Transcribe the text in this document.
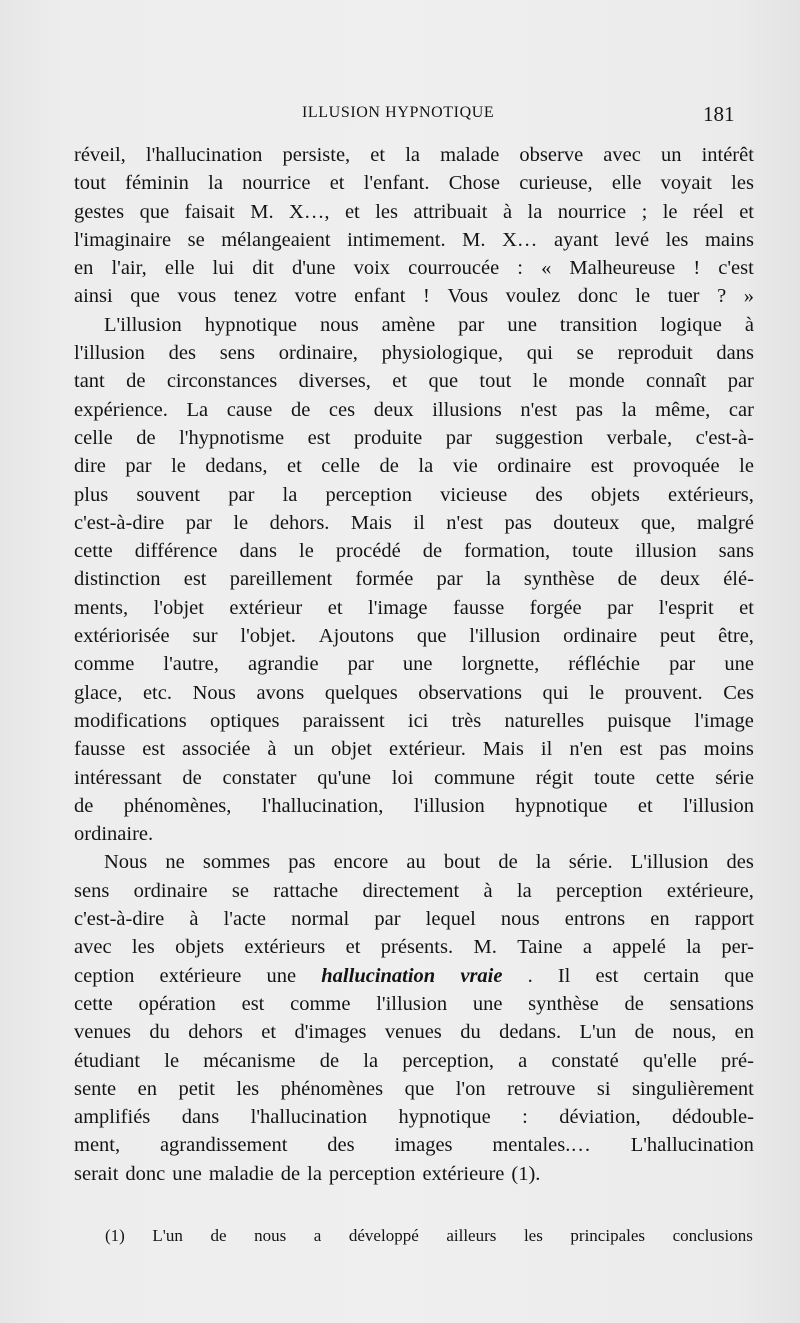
ILLUSION HYPNOTIQUE	181
réveil, l'hallucination persiste, et la malade observe avec un intérêt
tout féminin la nourrice et l'enfant. Chose curieuse, elle voyait les
gestes que faisait M. X…, et les attribuait à la nourrice ; le réel et
l'imaginaire se mélangeaient intimement. M. X… ayant levé les mains
en l'air, elle lui dit d'une voix courroucée : « Malheureuse ! c'est
ainsi que vous tenez votre enfant ! Vous voulez donc le tuer ? »
L'illusion hypnotique nous amène par une transition logique à
l'illusion des sens ordinaire, physiologique, qui se reproduit dans
tant de circonstances diverses, et que tout le monde connaît par
expérience. La cause de ces deux illusions n'est pas la même, car
celle de l'hypnotisme est produite par suggestion verbale, c'est-à-
dire par le dedans, et celle de la vie ordinaire est provoquée le
plus souvent par la perception vicieuse des objets extérieurs,
c'est-à-dire par le dehors. Mais il n'est pas douteux que, malgré
cette différence dans le procédé de formation, toute illusion sans
distinction est pareillement formée par la synthèse de deux élé-
ments, l'objet extérieur et l'image fausse forgée par l'esprit et
extériorisée sur l'objet. Ajoutons que l'illusion ordinaire peut être,
comme l'autre, agrandie par une lorgnette, réfléchie par une
glace, etc. Nous avons quelques observations qui le prouvent. Ces
modifications optiques paraissent ici très naturelles puisque l'image
fausse est associée à un objet extérieur. Mais il n'en est pas moins
intéressant de constater qu'une loi commune régit toute cette série
de phénomènes, l'hallucination, l'illusion hypnotique et l'illusion
ordinaire.
Nous ne sommes pas encore au bout de la série. L'illusion des
sens ordinaire se rattache directement à la perception extérieure,
c'est-à-dire à l'acte normal par lequel nous entrons en rapport
avec les objets extérieurs et présents. M. Taine a appelé la per-
ception extérieure une hallucination vraie . Il est certain que
cette opération est comme l'illusion une synthèse de sensations
venues du dehors et d'images venues du dedans. L'un de nous, en
étudiant le mécanisme de la perception, a constaté qu'elle pré-
sente en petit les phénomènes que l'on retrouve si singulièrement
amplifiés dans l'hallucination hypnotique : déviation, dédouble-
ment, agrandissement des images mentales.… L'hallucination
serait donc une maladie de la perception extérieure (1).
(1) L'un de nous a développé ailleurs les principales conclusions
